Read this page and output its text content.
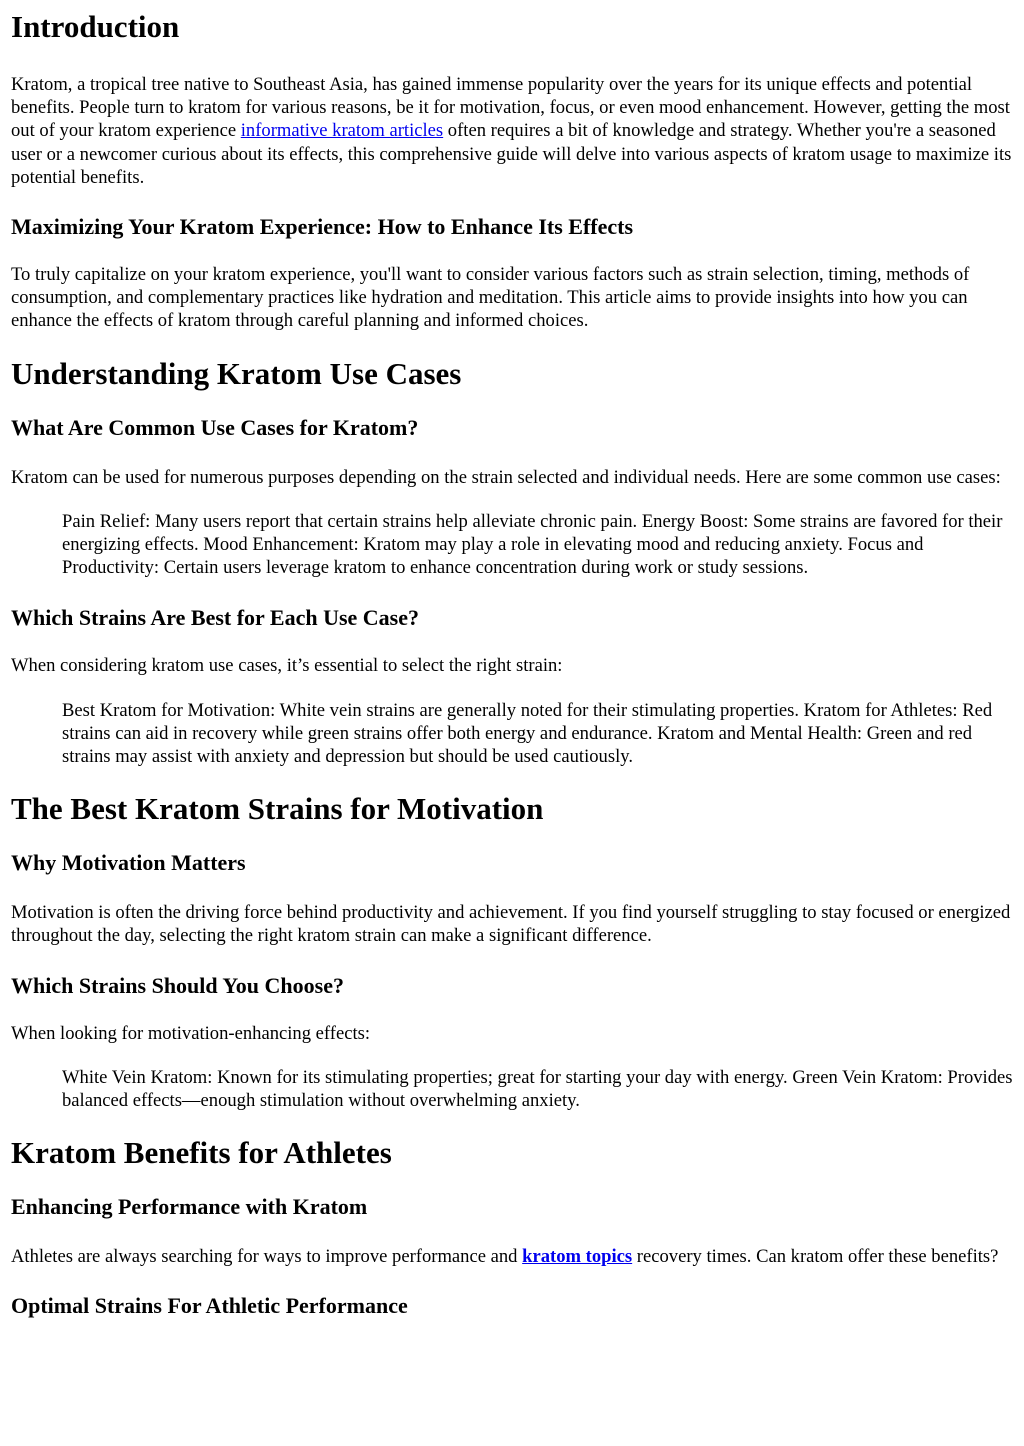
Introduction

Kratom, a tropical tree native to Southeast Asia, has gained immense popularity over the years for its unique effects and potential benefits. People turn to kratom for various reasons, be it for motivation, focus, or even mood enhancement. However, getting the most out of your kratom experience informative kratom articles often requires a bit of knowledge and strategy. Whether you're a seasoned user or a newcomer curious about its effects, this comprehensive guide will delve into various aspects of kratom usage to maximize its potential benefits.

Maximizing Your Kratom Experience: How to Enhance Its Effects

To truly capitalize on your kratom experience, you'll want to consider various factors such as strain selection, timing, methods of consumption, and complementary practices like hydration and meditation. This article aims to provide insights into how you can enhance the effects of kratom through careful planning and informed choices.

Understanding Kratom Use Cases
What Are Common Use Cases for Kratom?

Kratom can be used for numerous purposes depending on the strain selected and individual needs. Here are some common use cases:

Pain Relief: Many users report that certain strains help alleviate chronic pain. Energy Boost: Some strains are favored for their energizing effects. Mood Enhancement: Kratom may play a role in elevating mood and reducing anxiety. Focus and Productivity: Certain users leverage kratom to enhance concentration during work or study sessions.
Which Strains Are Best for Each Use Case?

When considering kratom use cases, it’s essential to select the right strain:

Best Kratom for Motivation: White vein strains are generally noted for their stimulating properties. Kratom for Athletes: Red strains can aid in recovery while green strains offer both energy and endurance. Kratom and Mental Health: Green and red strains may assist with anxiety and depression but should be used cautiously.
The Best Kratom Strains for Motivation
Why Motivation Matters

Motivation is often the driving force behind productivity and achievement. If you find yourself struggling to stay focused or energized throughout the day, selecting the right kratom strain can make a significant difference.

Which Strains Should You Choose?

When looking for motivation-enhancing effects:

White Vein Kratom: Known for its stimulating properties; great for starting your day with energy. Green Vein Kratom: Provides balanced effects—enough stimulation without overwhelming anxiety.
Kratom Benefits for Athletes
Enhancing Performance with Kratom

Athletes are always searching for ways to improve performance and kratom topics recovery times. Can kratom offer these benefits?

Optimal Strains For Athletic Performance
